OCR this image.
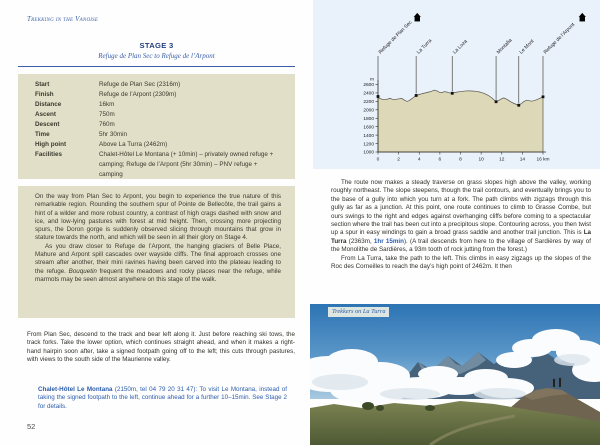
Trekking in the Vanoise
STAGE 3
Refuge de Plan Sec to Refuge de l’Arpont
Start	Refuge de Plan Sec (2316m)
Finish	Refuge de l’Arpont (2309m)
Distance	16km
Ascent	750m
Descent	760m
Time	5hr 30min
High point	Above La Turra (2462m)
Facilities	Chalet-Hôtel Le Montana (+ 10min) – privately owned refuge + camping; Refuge de l’Arpont (5hr 30min) – PNV refuge + camping

On the way from Plan Sec to Arpont, you begin to experience the true nature of this remarkable region. Rounding the southern spur of Pointe de Bellecôte, the trail gains a hint of a wilder and more robust country, a contrast of high crags dashed with snow and ice, and low-lying pastures with forest at mid height. Then, crossing more projecting spurs, the Doron gorge is suddenly observed slicing through mountains that grow in stature towards the north, and which will be seen in all their glory on Stage 4.

As you draw closer to Refuge de l’Arpont, the hanging glaciers of Belle Place, Mahure and Arpont spill cascades over wayside cliffs. The final approach crosses one stream after another, their mini ravines having been carved into the plateau leading to the refuge. Bouquetin frequent the meadows and rocky places near the refuge, while marmots may be seen almost anywhere on this stage of the walk.

From Plan Sec, descend to the track and bear left along it. Just before reaching ski tows, the track forks. Take the lower option, which continues straight ahead, and when it makes a right-hand hairpin soon after, take a signed footpath going off to the left; this cuts through pastures, with views to the south side of the Maurienne valley.

Chalet-Hôtel Le Montana (2150m, tel 04 79 20 31 47): To visit Le Montana, instead of taking the signed footpath to the left, continue ahead for a further 10–15min. See Stage 2 for details.

52
1000
1200
1400
1600
1800
2000
2200
2400
2600
m
0	2	4	6	8	10	12	14 16 km
Refuge de Plan Sec La Turra	La Loza	Montafia Le Mont Refuge de l’Arpont

The route now makes a steady traverse on grass slopes high above the valley, working roughly northeast. The slope steepens, though the trail contours, and eventually brings you to the base of a gully into which you turn at a fork. The path climbs with zigzags through this gully as far as a junction. At this point, one route continues to climb to Grasse Combe, but ours swings to the right and edges against overhanging cliffs before coming to a spectacular section where the trail has been cut into a precipitous slope. Contouring across, you then twist up a spur in easy windings to gain a broad grass saddle and another trail junction. This is La Turra (2363m, 1hr 15min). (A trail descends from here to the village of Sardières by way of the Monolithe de Sardières, a 93m tooth of rock jutting from the forest.)

From La Turra, take the path to the left. This climbs in easy zigzags up the slopes of the Roc des Corneilles to reach the day’s high point of 2462m. It then

Trekkers on La Turra
